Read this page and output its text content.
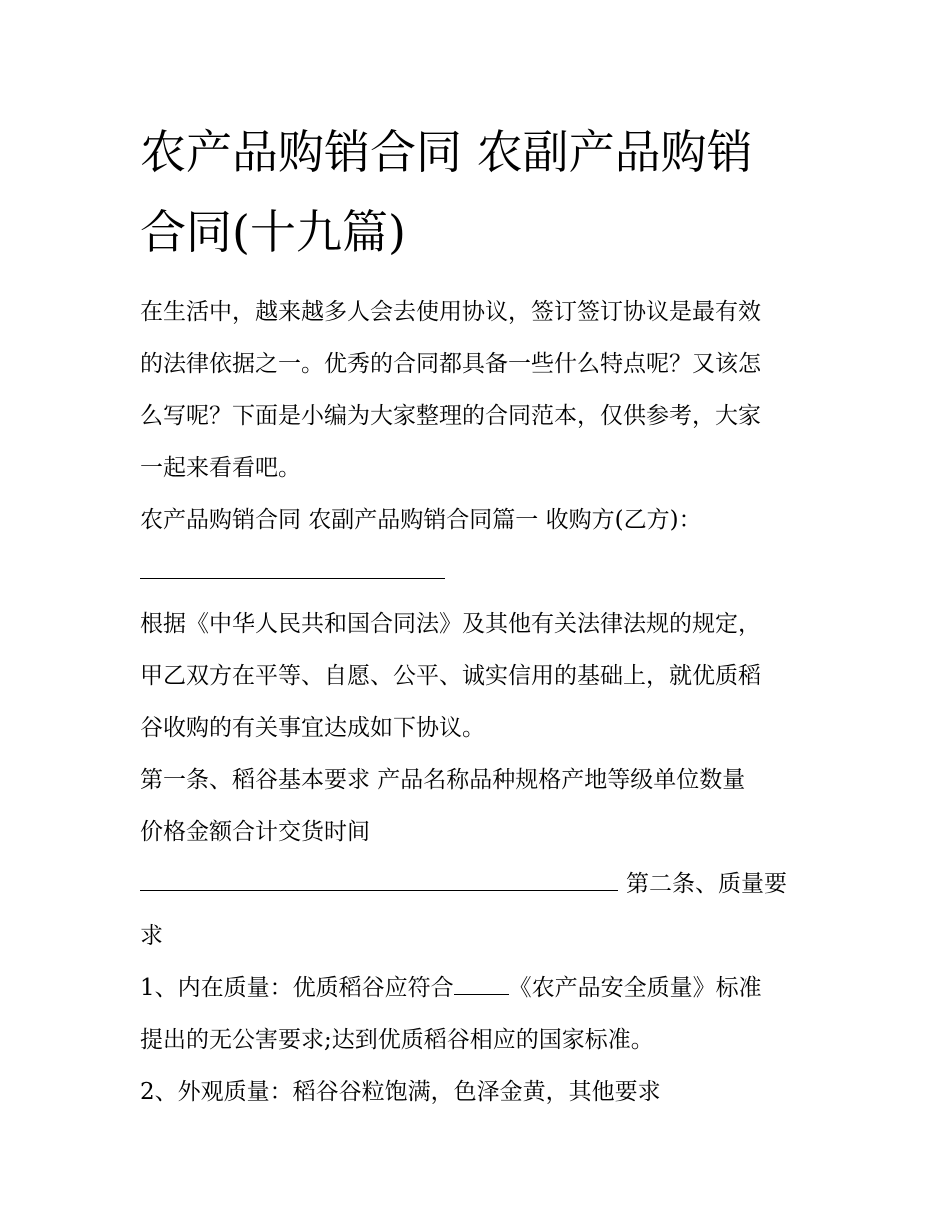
农产品购销合同 农副产品购销
合同(十九篇)

在生活中，越来越多人会去使用协议，签订签订协议是最有效
的法律依据之一。优秀的合同都具备一些什么特点呢？又该怎
么写呢？下面是小编为大家整理的合同范本，仅供参考，大家
一起来看看吧。

农产品购销合同 农副产品购销合同篇一 收购方(乙方)：

根据《中华人民共和国合同法》及其他有关法律法规的规定，
甲乙双方在平等、自愿、公平、诚实信用的基础上，就优质稻
谷收购的有关事宜达成如下协议。

第一条、稻谷基本要求 产品名称品种规格产地等级单位数量
价格金额合计交货时间

第二条、质量要
求

1、内在质量：优质稻谷应符合 《农产品安全质量》标准
提出的无公害要求;达到优质稻谷相应的国家标准。

2、外观质量：稻谷谷粒饱满，色泽金黄，其他要求
